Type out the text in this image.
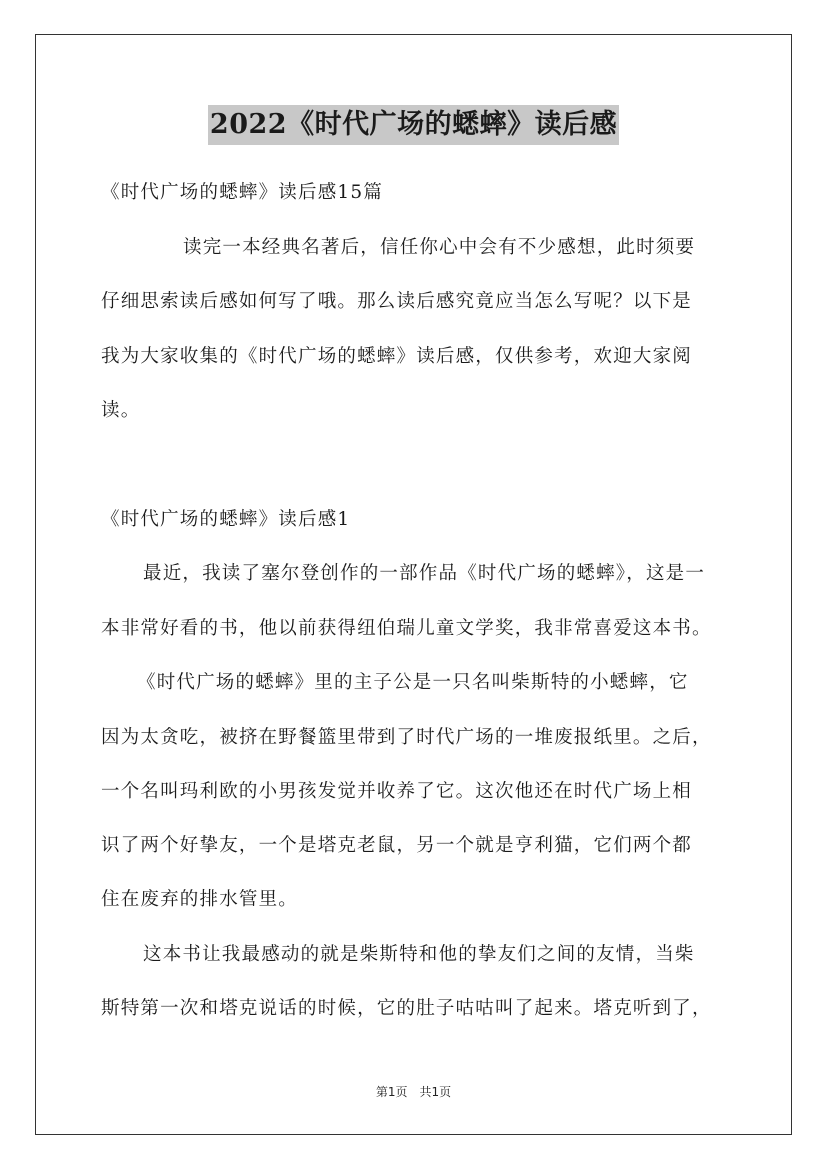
2022《时代广场的蟋蟀》读后感
《时代广场的蟋蟀》读后感15篇
读完一本经典名著后，信任你心中会有不少感想，此时须要
仔细思索读后感如何写了哦。那么读后感究竟应当怎么写呢？以下是
我为大家收集的《时代广场的蟋蟀》读后感，仅供参考，欢迎大家阅
读。
《时代广场的蟋蟀》读后感1
最近，我读了塞尔登创作的一部作品《时代广场的蟋蟀》，这是一
本非常好看的书，他以前获得纽伯瑞儿童文学奖，我非常喜爱这本书。
《时代广场的蟋蟀》里的主子公是一只名叫柴斯特的小蟋蟀，它
因为太贪吃，被挤在野餐篮里带到了时代广场的一堆废报纸里。之后，
一个名叫玛利欧的小男孩发觉并收养了它。这次他还在时代广场上相
识了两个好挚友，一个是塔克老鼠，另一个就是亨利猫，它们两个都
住在废弃的排水管里。
这本书让我最感动的就是柴斯特和他的挚友们之间的友情，当柴
斯特第一次和塔克说话的时候，它的肚子咕咕叫了起来。塔克听到了，
第1页　共1页
